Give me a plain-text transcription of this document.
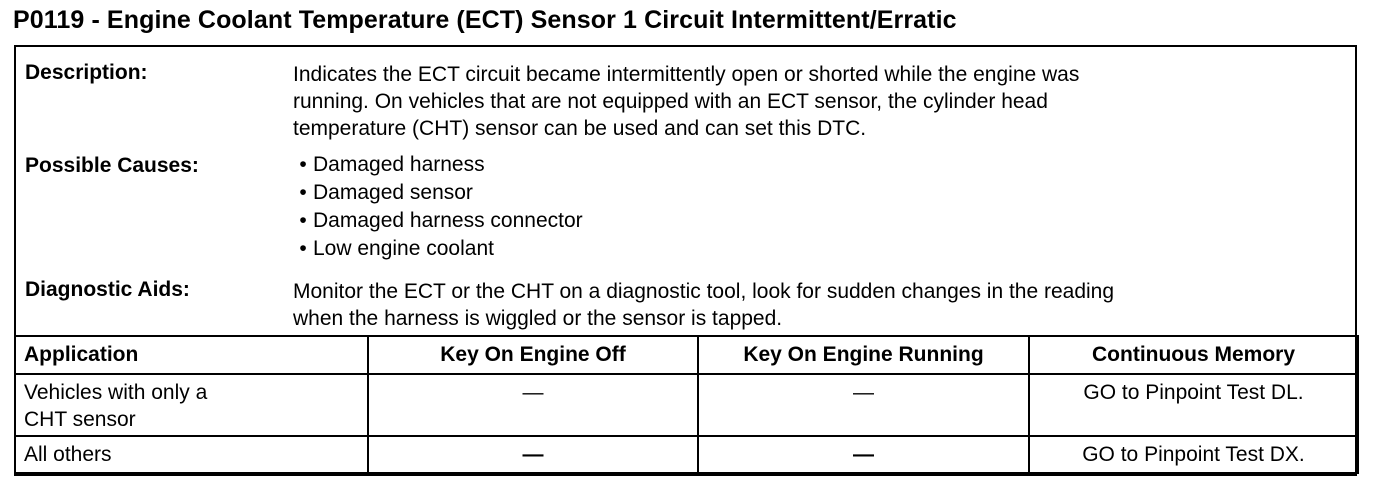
P0119 - Engine Coolant Temperature (ECT) Sensor 1 Circuit Intermittent/Erratic
Description:	Indicates the ECT circuit became intermittently open or shorted while the engine was
running. On vehicles that are not equipped with an ECT sensor, the cylinder head
temperature (CHT) sensor can be used and can set this DTC.
Possible Causes:	• Damaged harness
• Damaged sensor
• Damaged harness connector
• Low engine coolant
Diagnostic Aids:	Monitor the ECT or the CHT on a diagnostic tool, look for sudden changes in the reading
when the harness is wiggled or the sensor is tapped.
Application	Key On Engine Off	Key On Engine Running	Continuous Memory
Vehicles with only a
CHT sensor	—	—	GO to Pinpoint Test DL.
All others	—	—	GO to Pinpoint Test DX.
